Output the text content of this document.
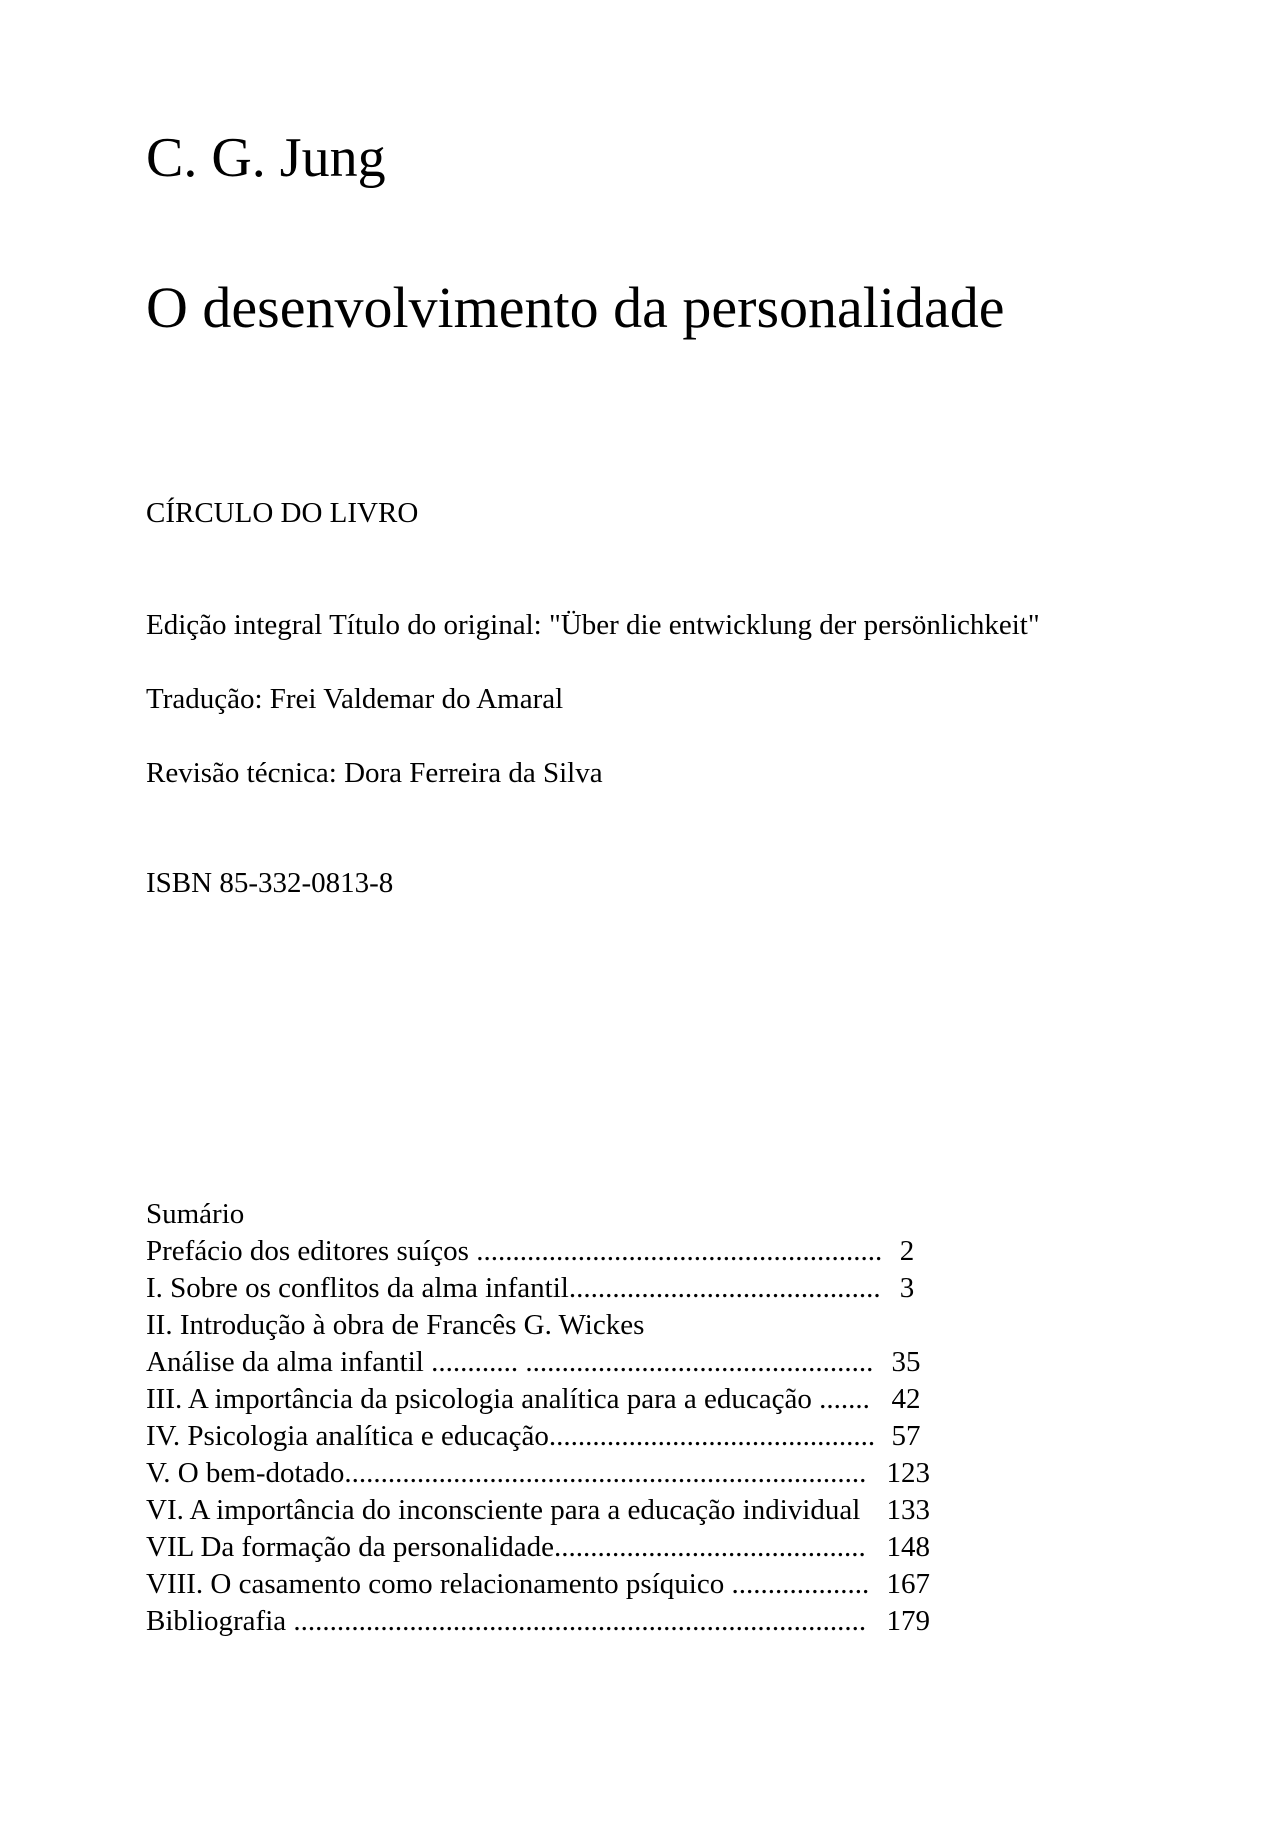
C. G. Jung
O desenvolvimento da personalidade
CÍRCULO DO LIVRO
Edição integral Título do original: "Über die entwicklung der persönlichkeit"
Tradução: Frei Valdemar do Amaral
Revisão técnica: Dora Ferreira da Silva
ISBN 85-332-0813-8
Sumário
Prefácio dos editores suíços ........................................................ 2
I. Sobre os conflitos da alma infantil........................................... 3
II. Introdução à obra de Francês G. Wickes
Análise da alma infantil ............ ................................................ 35
III. A importância da psicologia analítica para a educação ....... 42
IV. Psicologia analítica e educação............................................. 57
V. O bem-dotado........................................................................ 123
VI. A importância do inconsciente para a educação individual 133
VIL Da formação da personalidade........................................... 148
VIII. O casamento como relacionamento psíquico ................... 167
Bibliografia ............................................................................... 179
